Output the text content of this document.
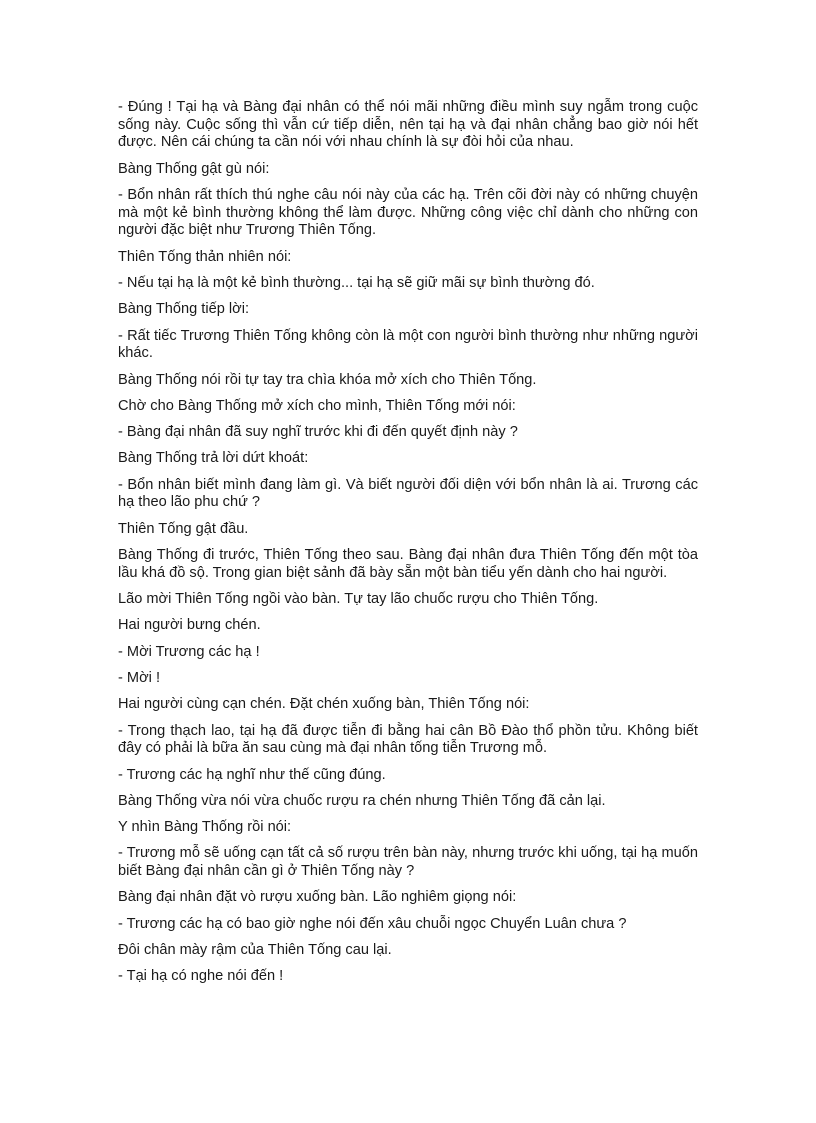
- Đúng ! Tại hạ và Bàng đại nhân có thể nói mãi những điều mình suy ngẫm trong cuộc sống này. Cuộc sống thì vẫn cứ tiếp diễn, nên tại hạ và đại nhân chẳng bao giờ nói hết được. Nên cái chúng ta cần nói với nhau chính là sự đòi hỏi của nhau.

Bàng Thống gật gù nói:

- Bổn nhân rất thích thú nghe câu nói này của các hạ. Trên cõi đời này có những chuyện mà một kẻ bình thường không thể làm được. Những công việc chỉ dành cho những con người đặc biệt như Trương Thiên Tống.

Thiên Tống thản nhiên nói:

- Nếu tại hạ là một kẻ bình thường... tại hạ sẽ giữ mãi sự bình thường đó.

Bàng Thống tiếp lời:

- Rất tiếc Trương Thiên Tống không còn là một con người bình thường như những người khác.

Bàng Thống nói rồi tự tay tra chìa khóa mở xích cho Thiên Tống.

Chờ cho Bàng Thống mở xích cho mình, Thiên Tống mới nói:

- Bàng đại nhân đã suy nghĩ trước khi đi đến quyết định này ?

Bàng Thống trả lời dứt khoát:

- Bổn nhân biết mình đang làm gì. Và biết người đối diện với bổn nhân là ai. Trương các hạ theo lão phu chứ ?

Thiên Tống gật đầu.

Bàng Thống đi trước, Thiên Tống theo sau. Bàng đại nhân đưa Thiên Tống đến một tòa lầu khá đồ sộ. Trong gian biệt sảnh đã bày sẵn một bàn tiểu yến dành cho hai người.

Lão mời Thiên Tống ngồi vào bàn. Tự tay lão chuốc rượu cho Thiên Tống.

Hai người bưng chén.

- Mời Trương các hạ !

- Mời !

Hai người cùng cạn chén. Đặt chén xuống bàn, Thiên Tống nói:

- Trong thạch lao, tại hạ đã được tiễn đi bằng hai cân Bồ Đào thổ phồn tửu. Không biết đây có phải là bữa ăn sau cùng mà đại nhân tống tiễn Trương mỗ.

- Trương các hạ nghĩ như thế cũng đúng.

Bàng Thống vừa nói vừa chuốc rượu ra chén nhưng Thiên Tống đã cản lại.

Y nhìn Bàng Thống rồi nói:

- Trương mỗ sẽ uống cạn tất cả số rượu trên bàn này, nhưng trước khi uống, tại hạ muốn biết Bàng đại nhân cần gì ở Thiên Tống này ?

Bàng đại nhân đặt vò rượu xuống bàn. Lão nghiêm giọng nói:

- Trương các hạ có bao giờ nghe nói đến xâu chuỗi ngọc Chuyển Luân chưa ?

Đôi chân mày rậm của Thiên Tống cau lại.

- Tại hạ có nghe nói đến !
